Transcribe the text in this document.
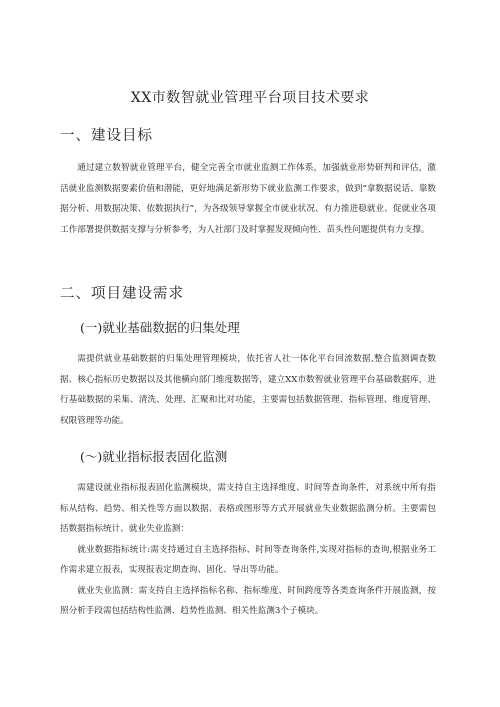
XX市数智就业管理平台项目技术要求
一、建设目标

通过建立数智就业管理平台，健全完善全市就业监测工作体系，加强就业形势研判和评估，激活就业监测数据要素价值和潜能，更好地满足新形势下就业监测工作要求，做到“拿数据说话、靠数据分析、用数据决策、依数据执行”，为各级领导掌握全市就业状况、有力推进稳就业、促就业各项工作部署提供数据支撑与分析参考，为人社部门及时掌握发现倾向性、苗头性问题提供有力支撑。

二、项目建设需求
(一)就业基础数据的归集处理

需提供就业基础数据的归集处理管理模块，依托省人社一体化平台回流数据,整合监测调查数据、核心指标历史数据以及其他横向部门维度数据等，建立XX市数智就业管理平台基础数据库，进行基础数据的采集、清洗、处理、汇聚和比对功能，主要需包括数据管理、指标管理、维度管理、权限管理等功能。

(〜)就业指标报表固化监测

需建设就业指标报表固化监测模块，需支持自主选择维度、时间等查询条件，对系统中所有指标从结构、趋势、相关性等方面以数据、表格或图形等方式开展就业失业数据监测分析。主要需包括数据指标统计、就业失业监测：

就业数据指标统计:需支持通过自主选择指标、时间等查询条件,实现对指标的查询,根据业务工作需求建立报表，实现报表定期查询、固化、导出等功能。

就业失业监测：需支持自主选择指标名称、指标维度、时间跨度等各类查询条件开展监测，按照分析手段需包括结构性监测、趋势性监测、相关性监测3个子模块。
